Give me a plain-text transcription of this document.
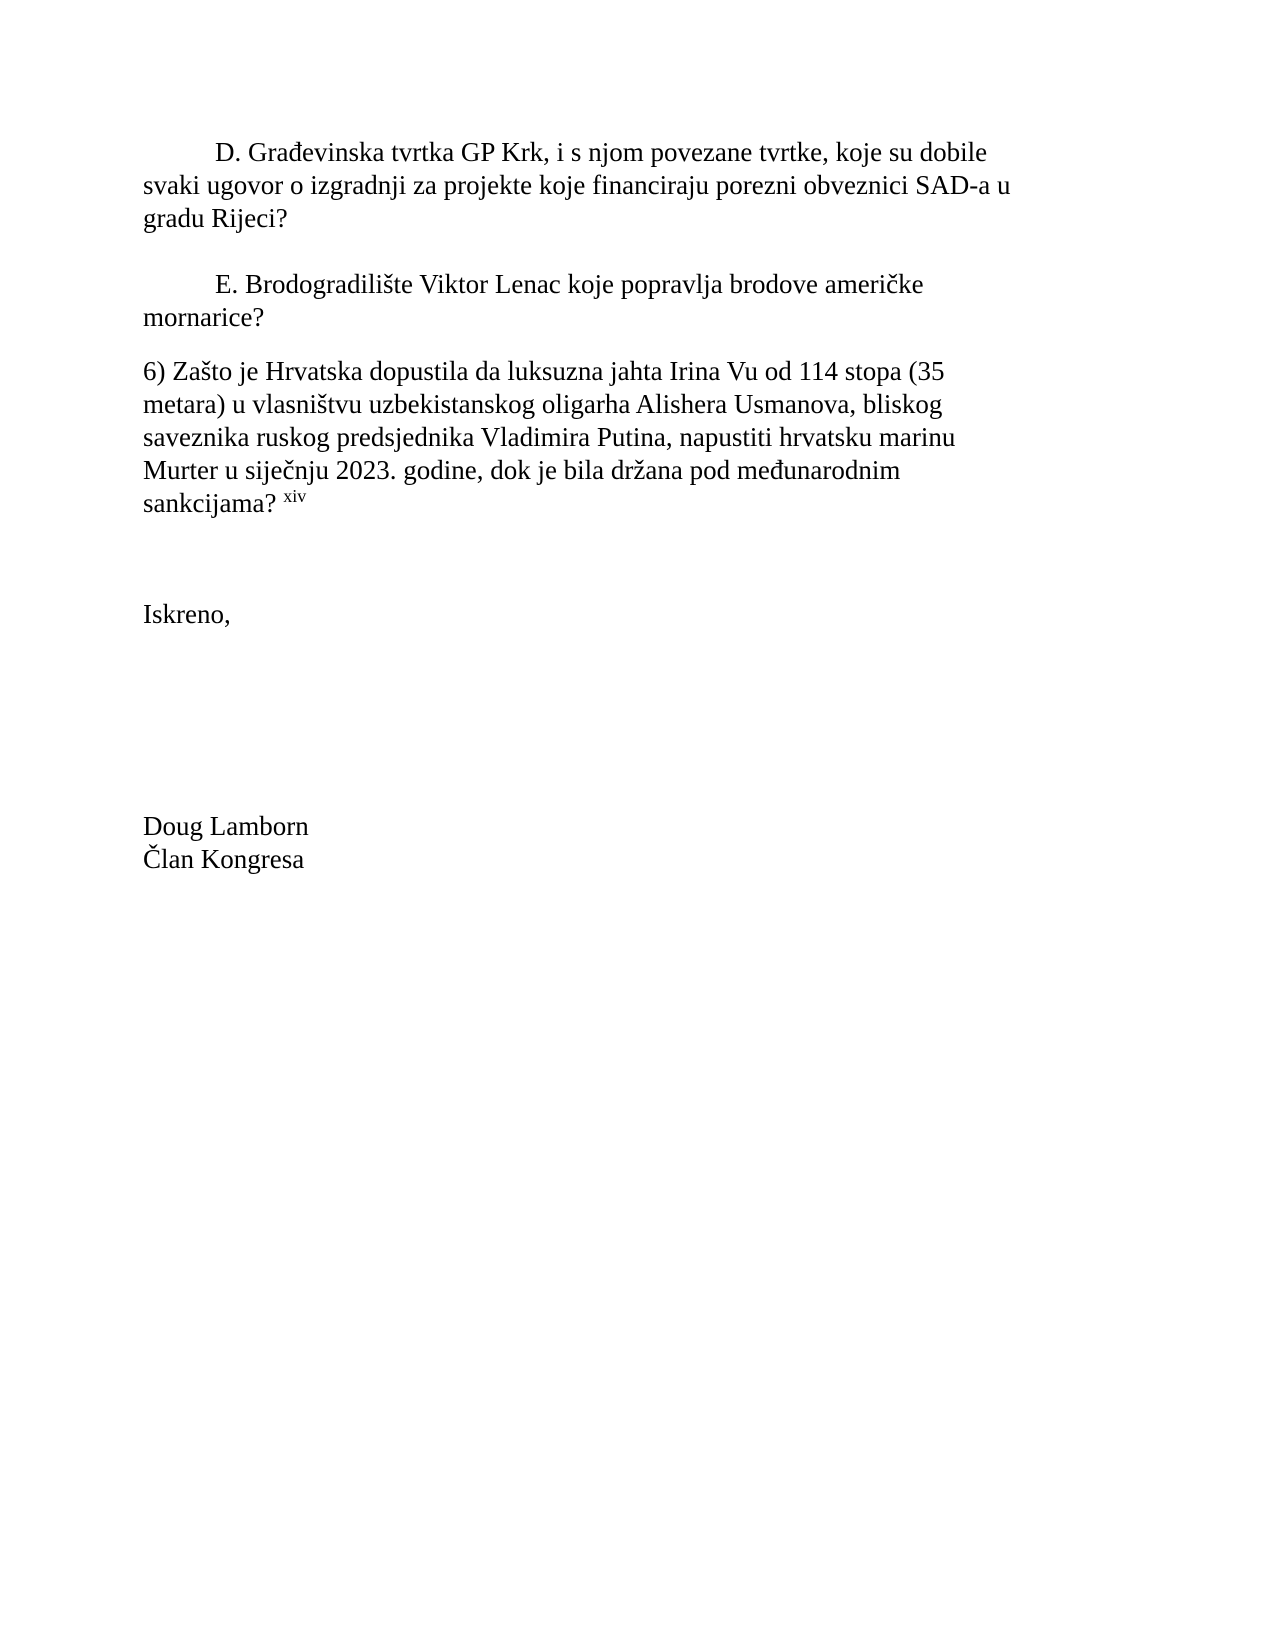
D. Građevinska tvrtka GP Krk, i s njom povezane tvrtke, koje su dobile
svaki ugovor o izgradnji za projekte koje financiraju porezni obveznici SAD-a u
gradu Rijeci?
E. Brodogradilište Viktor Lenac koje popravlja brodove američke
mornarice?
6) Zašto je Hrvatska dopustila da luksuzna jahta Irina Vu od 114 stopa (35
metara) u vlasništvu uzbekistanskog oligarha Alishera Usmanova, bliskog
saveznika ruskog predsjednika Vladimira Putina, napustiti hrvatsku marinu
Murter u siječnju 2023. godine, dok je bila držana pod međunarodnim
sankcijama? $^{xiv}$
Iskreno,
Doug Lamborn
Član Kongresa
